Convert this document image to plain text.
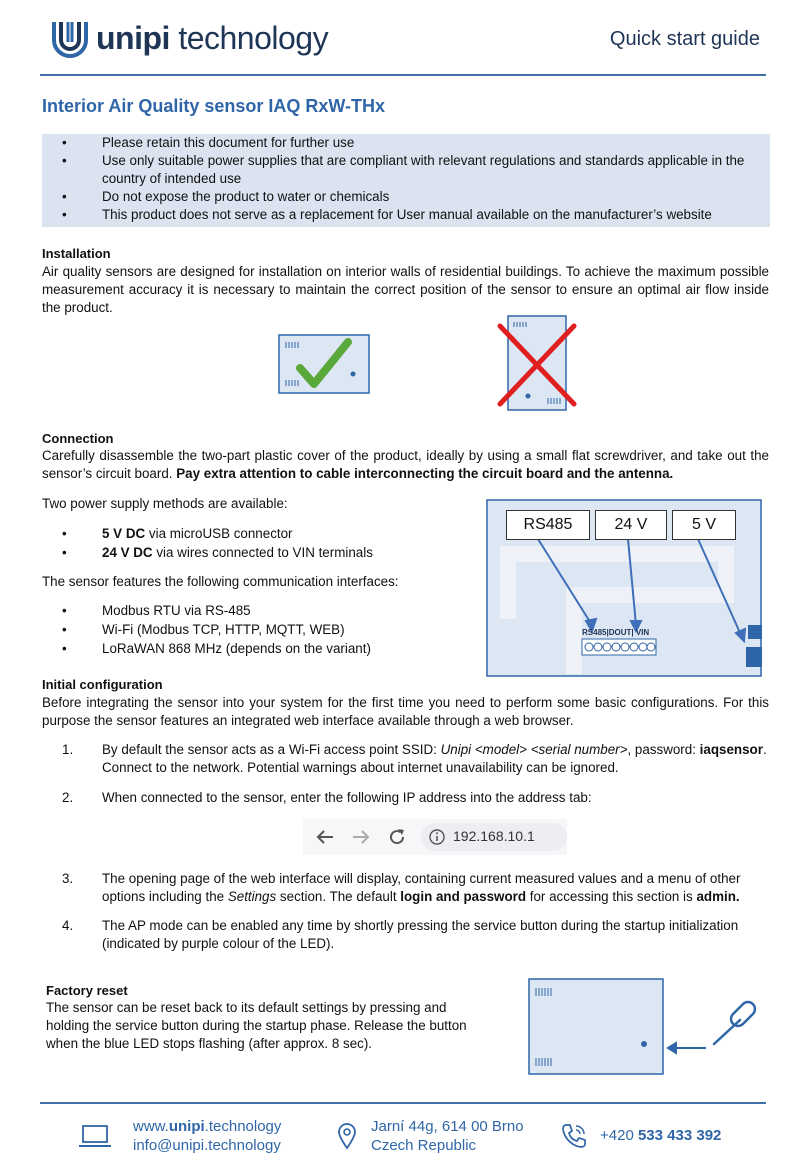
unipi technology	Quick start guide
Interior Air Quality sensor IAQ RxW-THx
• Please retain this document for further use
• Use only suitable power supplies that are compliant with relevant regulations and standards applicable in the country of intended use
• Do not expose the product to water or chemicals
• This product does not serve as a replacement for User manual available on the manufacturer’s website
Installation
Air quality sensors are designed for installation on interior walls of residential buildings. To achieve the maximum possible measurement accuracy it is necessary to maintain the correct position of the sensor to ensure an optimal air flow inside the product.
Connection
Carefully disassemble the two-part plastic cover of the product, ideally by using a small flat screwdriver, and take out the sensor’s circuit board. Pay extra attention to cable interconnecting the circuit board and the antenna.
Two power supply methods are available:
• 5 V DC via microUSB connector
• 24 V DC via wires connected to VIN terminals
The sensor features the following communication interfaces:
• Modbus RTU via RS-485
• Wi-Fi (Modbus TCP, HTTP, MQTT, WEB)
• LoRaWAN 868 MHz (depends on the variant)
RS485	24 V	5 V
RS485|DOUT| VIN
Initial configuration
Before integrating the sensor into your system for the first time you need to perform some basic configurations. For this purpose the sensor features an integrated web interface available through a web browser.
1. By default the sensor acts as a Wi-Fi access point SSID: Unipi <model> <serial number>, password: iaqsensor. Connect to the network. Potential warnings about internet unavailability can be ignored.
2. When connected to the sensor, enter the following IP address into the address tab:
192.168.10.1
3. The opening page of the web interface will display, containing current measured values and a menu of other options including the Settings section. The default login and password for accessing this section is admin.
4. The AP mode can be enabled any time by shortly pressing the service button during the startup initialization (indicated by purple colour of the LED).
Factory reset
The sensor can be reset back to its default settings by pressing and holding the service button during the startup phase. Release the button when the blue LED stops flashing (after approx. 8 sec).
www.unipi.technology
info@unipi.technology
Jarní 44g, 614 00 Brno
Czech Republic
+420 533 433 392
